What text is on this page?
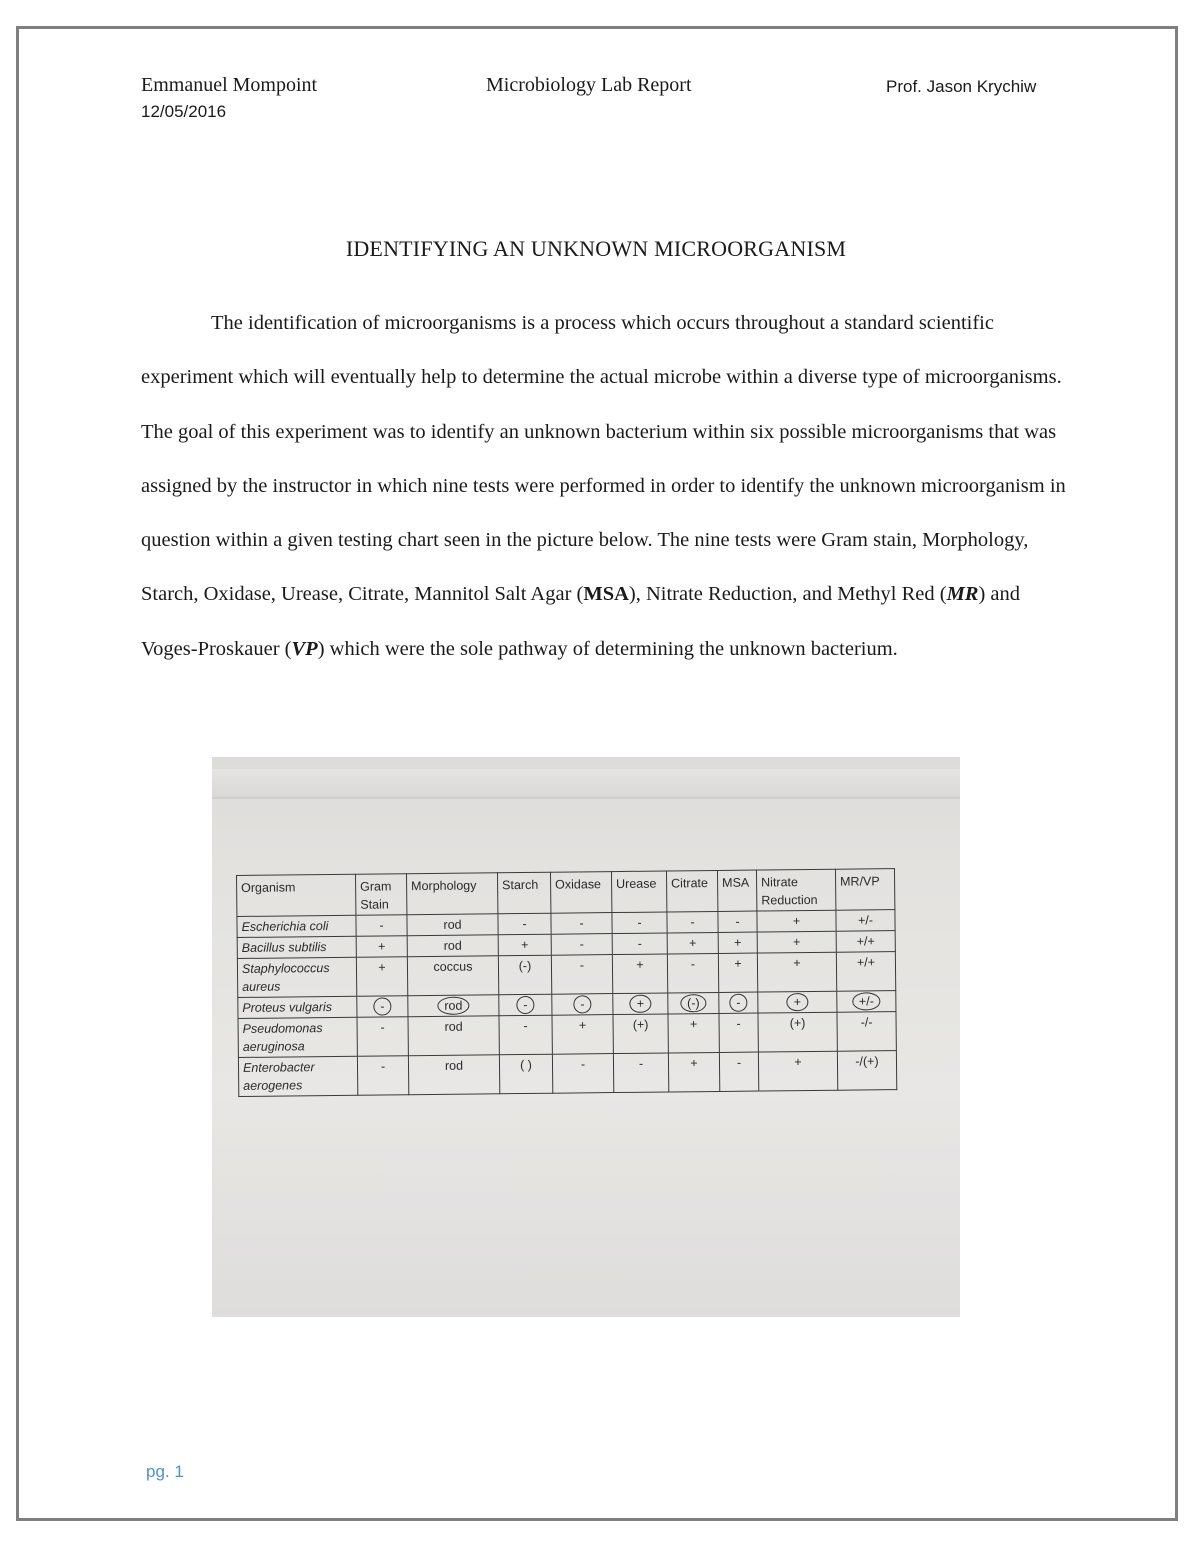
Emmanuel Mompoint	Microbiology Lab Report	Prof. Jason Krychiw
12/05/2016
IDENTIFYING AN UNKNOWN MICROORGANISM

The identification of microorganisms is a process which occurs throughout a standard scientific experiment which will eventually help to determine the actual microbe within a diverse type of microorganisms. The goal of this experiment was to identify an unknown bacterium within six possible microorganisms that was assigned by the instructor in which nine tests were performed in order to identify the unknown microorganism in question within a given testing chart seen in the picture below. The nine tests were Gram stain, Morphology, Starch, Oxidase, Urease, Citrate, Mannitol Salt Agar (MSA), Nitrate Reduction, and Methyl Red (MR) and Voges-Proskauer (VP) which were the sole pathway of determining the unknown bacterium.

Organism	Gram Stain	Morphology	Starch	Oxidase	Urease	Citrate	MSA	Nitrate Reduction	MR/VP
Escherichia coli	-	rod	-	-	-	-	-	+	+/-
Bacillus subtilis	+	rod	+	-	-	+	+	+	+/+
Staphylococcus aureus	+	coccus	(-)	-	+	-	+	+	+/+
Proteus vulgaris	-	rod	-	-	+	(-)	-	+	+/-
Pseudomonas aeruginosa	-	rod	-	+	(+)	+	-	(+)	-/-
Enterobacter aerogenes	-	rod	( )	-	-	+	-	+	-/(+)
pg. 1
